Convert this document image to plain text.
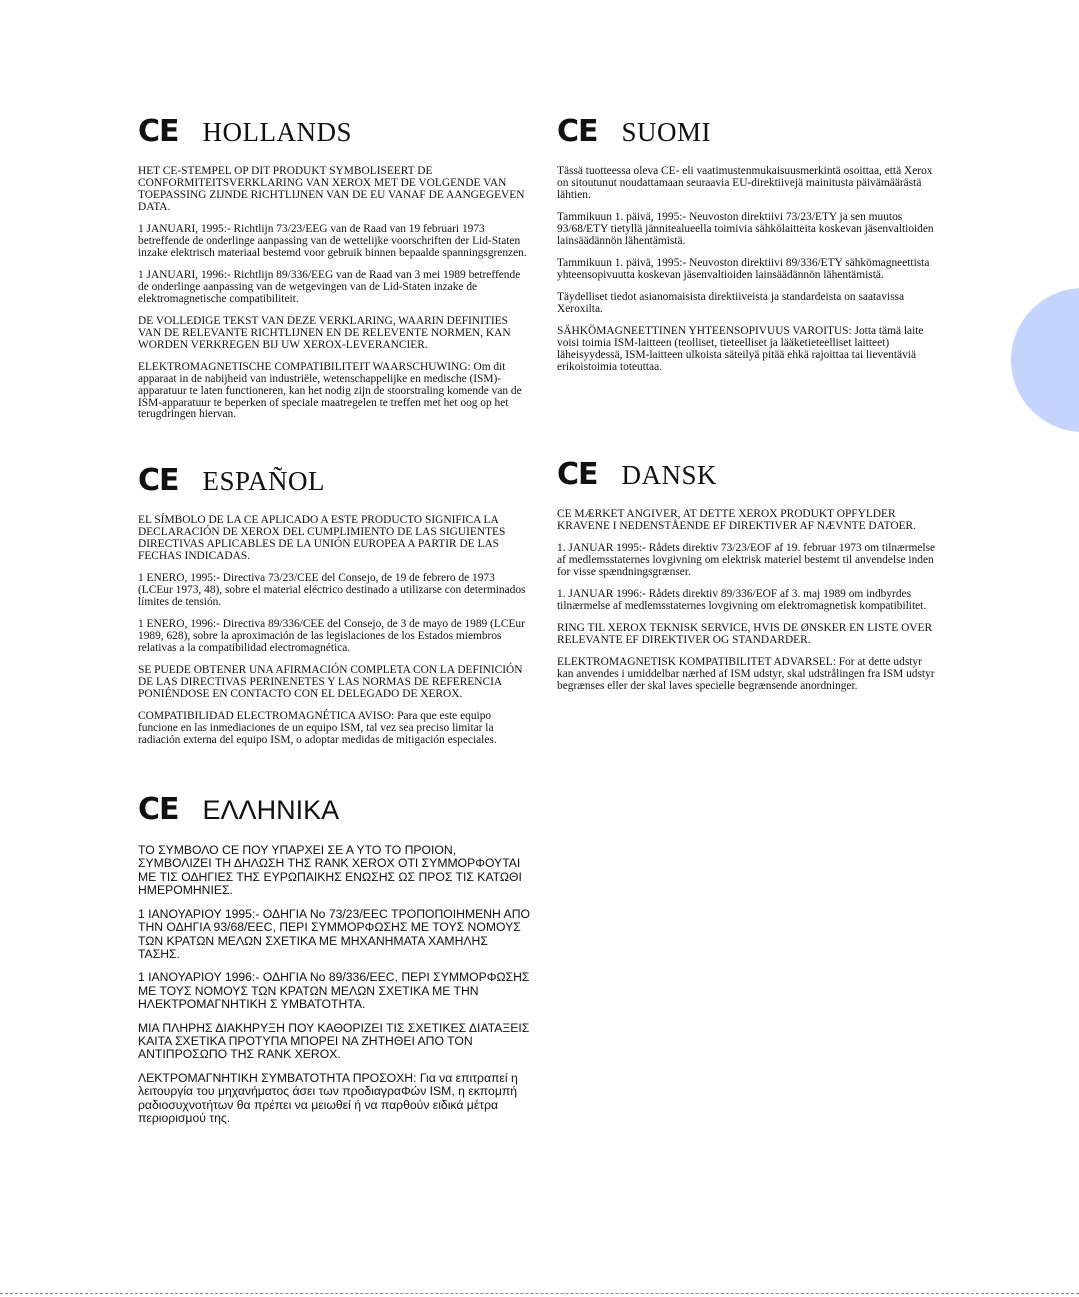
CE HOLLANDS

HET CE-STEMPEL OP DIT PRODUKT SYMBOLISEERT DE CONFORMITEITSVERKLARING VAN XEROX MET DE VOLGENDE VAN TOEPASSING ZIJNDE RICHTLIJNEN VAN DE EU VANAF DE AANGEGEVEN DATA.

1 JANUARI, 1995:- Richtlijn 73/23/EEG van de Raad van 19 februari 1973 betreffende de onderlinge aanpassing van de wettelijke voorschriften der Lid-Staten inzake elektrisch materiaal bestemd voor gebruik binnen bepaalde spanningsgrenzen.

1 JANUARI, 1996:- Richtlijn 89/336/EEG van de Raad van 3 mei 1989 betreffende de onderlinge aanpassing van de wetgevingen van de Lid-Staten inzake de elektromagnetische compatibiliteit.

DE VOLLEDIGE TEKST VAN DEZE VERKLARING, WAARIN DEFINITIES VAN DE RELEVANTE RICHTLIJNEN EN DE RELEVENTE NORMEN, KAN WORDEN VERKREGEN BIJ UW XEROX-LEVERANCIER.

ELEKTROMAGNETISCHE COMPATIBILITEIT WAARSCHUWING: Om dit apparaat in de nabijheid van industriële, wetenschappelijke en medische (ISM)-apparatuur te laten functioneren, kan het nodig zijn de stoorstraling komende van de ISM-apparatuur te beperken of speciale maatregelen te treffen met het oog op het terugdringen hiervan.

CE SUOMI

Tässä tuotteessa oleva CE- eli vaatimustenmukaisuusmerkintä osoittaa, että Xerox on sitoutunut noudattamaan seuraavia EU-direktiivejä mainitusta päivämäärästä lähtien.

Tammikuun 1. päivä, 1995:- Neuvoston direktiivi 73/23/ETY ja sen muutos 93/68/ETY tietyllä jännitealueella toimivia sähkölaitteita koskevan jäsenvaltioiden lainsäädännön lähentämistä.

Tammikuun 1. päivä, 1995:- Neuvoston direktiivi 89/336/ETY sähkömagneettista yhteensopivuutta koskevan jäsenvaltioiden lainsäädännön lähentämistä.

Täydelliset tiedot asianomaisista direktiiveista ja standardeista on saatavissa Xeroxilta.

SÄHKÖMAGNEETTINEN YHTEENSOPIVUUS VAROITUS: Jotta tämä laite voisi toimia ISM-laitteen (teolliset, tieteelliset ja lääketieteelliset laitteet) läheisyydessä, ISM-laitteen ulkoista säteilyä pitää ehkä rajoittaa tai lieventäviä erikoistoimia toteuttaa.

CE ESPAÑOL

EL SÍMBOLO DE LA CE APLICADO A ESTE PRODUCTO SIGNIFICA LA DECLARACIÓN DE XEROX DEL CUMPLIMIENTO DE LAS SIGUIENTES DIRECTIVAS APLICABLES DE LA UNIÓN EUROPEA A PARTIR DE LAS FECHAS INDICADAS.

1 ENERO, 1995:- Directiva 73/23/CEE del Consejo, de 19 de febrero de 1973 (LCEur 1973, 48), sobre el material eléctrico destinado a utilizarse con determinados límites de tensión.

1 ENERO, 1996:- Directiva 89/336/CEE del Consejo, de 3 de mayo de 1989 (LCEur 1989, 628), sobre la aproximación de las legislaciones de los Estados miembros relativas a la compatibilidad electromagnética.

SE PUEDE OBTENER UNA AFIRMACIÓN COMPLETA CON LA DEFINICIÓN DE LAS DIRECTIVAS PERINENETES Y LAS NORMAS DE REFERENCIA PONIÉNDOSE EN CONTACTO CON EL DELEGADO DE XEROX.

COMPATIBILIDAD ELECTROMAGNÉTICA AVISO: Para que este equipo funcione en las inmediaciones de un equipo ISM, tal vez sea preciso limitar la radiación externa del equipo ISM, o adoptar medidas de mitigación especiales.

CE DANSK

CE MÆRKET ANGIVER, AT DETTE XEROX PRODUKT OPFYLDER KRAVENE I NEDENSTÅENDE EF DIREKTIVER AF NÆVNTE DATOER.

1. JANUAR 1995:- Rådets direktiv 73/23/EOF af 19. februar 1973 om tilnærmelse af medlemsstaternes lovgivning om elektrisk materiel bestemt til anvendelse inden for visse spændningsgrænser.

1. JANUAR 1996:- Rådets direktiv 89/336/EOF af 3. maj 1989 om indbyrdes tilnærmelse af medlemsstaternes lovgivning om elektromagnetisk kompatibilitet.

RING TIL XEROX TEKNISK SERVICE, HVIS DE ØNSKER EN LISTE OVER RELEVANTE EF DIREKTIVER OG STANDARDER.

ELEKTROMAGNETISK KOMPATIBILITET ADVARSEL: For at dette udstyr kan anvendes i umiddelbar nærhed af ISM udstyr, skal udstrålingen fra ISM udstyr begrænses eller der skal laves specielle begrænsende anordninger.

CE ΕΛΛΗΝΙΚΑ

ΤΟ ΣΥΜΒΟΛΟ CE ΠΟΥ ΥΠΑΡΧΕΙ ΣΕ Α ΥΤΟ ΤΟ ΠΡΟΙΟΝ, ΣΥΜΒΟΛΙΖΕΙ ΤΗ ΔΗΛΩΣΗ ΤΗΣ RANK XEROX ΟΤΙ ΣΥΜΜΟΡΦΟΥΤΑΙ ΜΕ ΤΙΣ ΟΔΗΓΙΕΣ ΤΗΣ ΕΥΡΩΠΑΙΚΗΣ ΕΝΩΣΗΣ ΩΣ ΠΡΟΣ ΤΙΣ ΚΑΤΩΘΙ ΗΜΕΡΟΜΗΝΙΕΣ.

1 ΙΑΝΟΥΑΡΙΟΥ 1995:- ΟΔΗΓΙΑ Νο 73/23/ΕΕC ΤΡΟΠΟΠΟΙΗΜΕΝΗ ΑΠΟ ΤΗΝ ΟΔΗΓΙΑ 93/68/ΕΕC, ΠΕΡΙ ΣΥΜΜΟΡΦΩΣΗΣ ΜΕ ΤΟΥΣ ΝΟΜΟΥΣ ΤΩΝ ΚΡΑΤΩΝ ΜΕΛΩΝ ΣΧΕΤΙΚΑ ΜΕ ΜΗΧΑΝΗΜΑΤΑ ΧΑΜΗΛΗΣ ΤΑΣΗΣ.

1 ΙΑΝΟΥΑΡΙΟΥ 1996:- ΟΔΗΓΙΑ Νο 89/336/ΕΕC, ΠΕΡΙ ΣΥΜΜΟΡΦΩΣΗΣ ΜΕ ΤΟΥΣ ΝΟΜΟΥΣ ΤΩΝ ΚΡΑΤΩΝ ΜΕΛΩΝ ΣΧΕΤΙΚΑ ΜΕ ΤΗΝ ΗΛΕΚΤΡΟΜΑΓΝΗΤΙΚΗ Σ ΥΜΒΑΤΟΤΗΤΑ.

ΜΙΑ ΠΛΗΡΗΣ ΔΙΑΚΗΡΥΞΗ ΠΟΥ ΚΑΘΟΡΙΖΕΙ ΤΙΣ ΣΧΕΤΙΚΕΣ ΔΙΑΤΑΞΕΙΣ ΚΑΙΤΑ ΣΧΕΤΙΚΑ ΠΡΟΤΥΠΑ ΜΠΟΡΕΙ ΝΑ ΖΗΤΗΘΕΙ ΑΠΟ ΤΟΝ ΑΝΤΙΠΡΟΣΩΠΟ ΤΗΣ RANK XEROX.

ΛΕΚΤΡΟΜΑΓΝΗΤΙΚΗ ΣΥΜΒΑΤΟΤΗΤΑ ΠΡΟΣΟΧΗ: Για να επιτραπεί η λειτουργία του μηχανήματος άσει των προδιαγραΦών ISM, η εκπομπή ραδιοσυχνοτήτων θα πρέπει να μειωθεί ή να παρθούν ειδικά μέτρα περιορισμού της.
